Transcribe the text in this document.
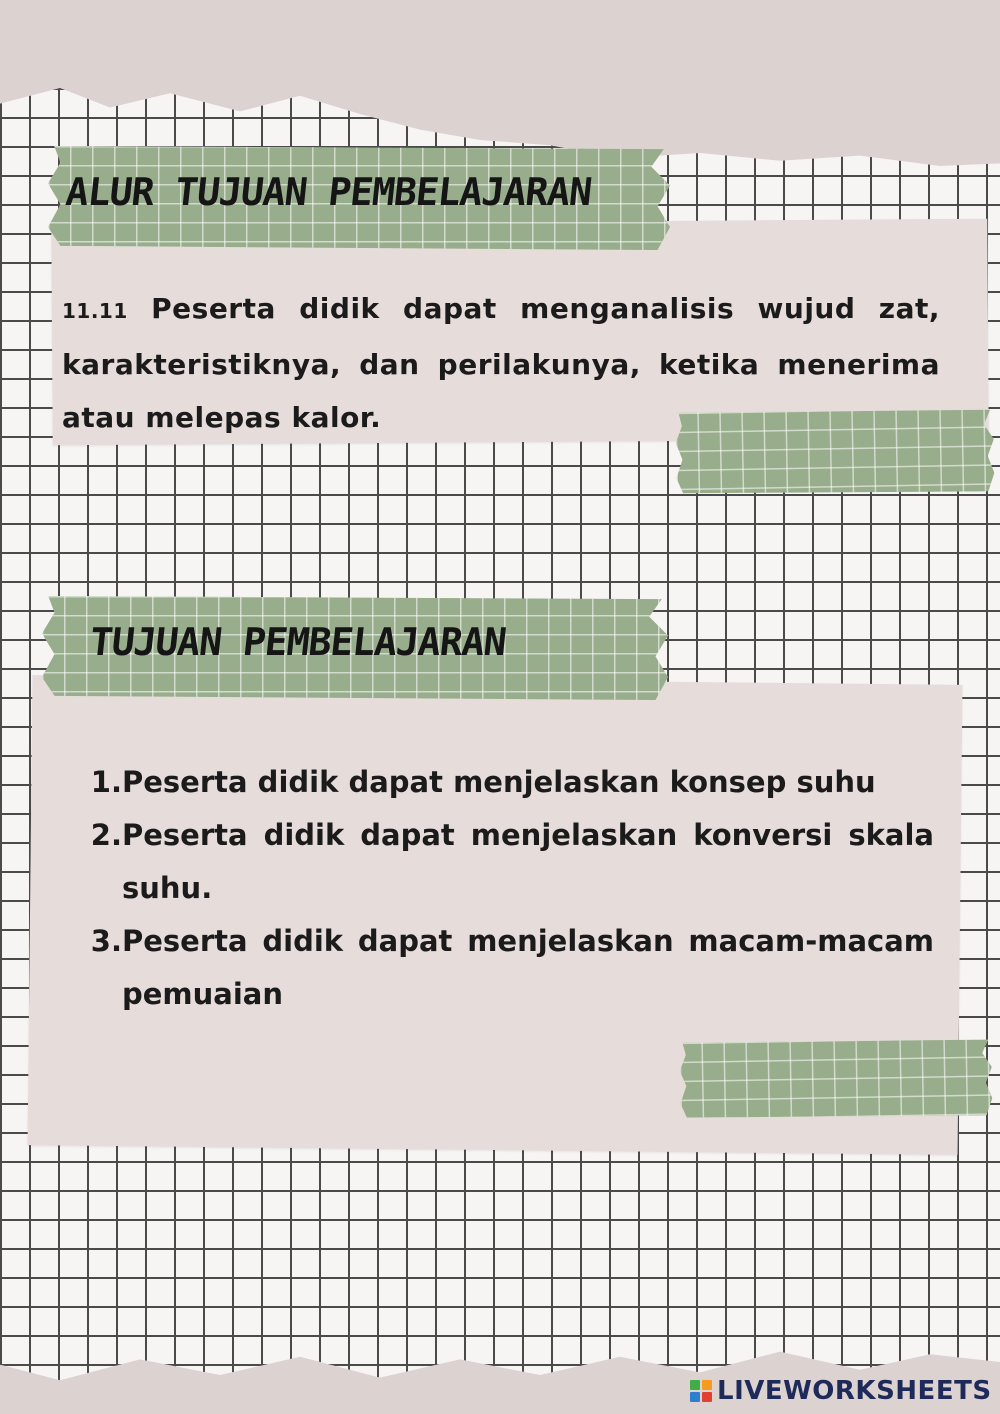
ALUR TUJUAN PEMBELAJARAN

11.11 Peserta didik dapat menganalisis wujud zat, karakteristiknya, dan perilakunya, ketika menerima atau melepas kalor.

TUJUAN PEMBELAJARAN
1. Peserta didik dapat menjelaskan konsep suhu
2. Peserta didik dapat menjelaskan konversi skala suhu.
3. Peserta didik dapat menjelaskan macam-macam pemuaian
LIVEWORKSHEETS
